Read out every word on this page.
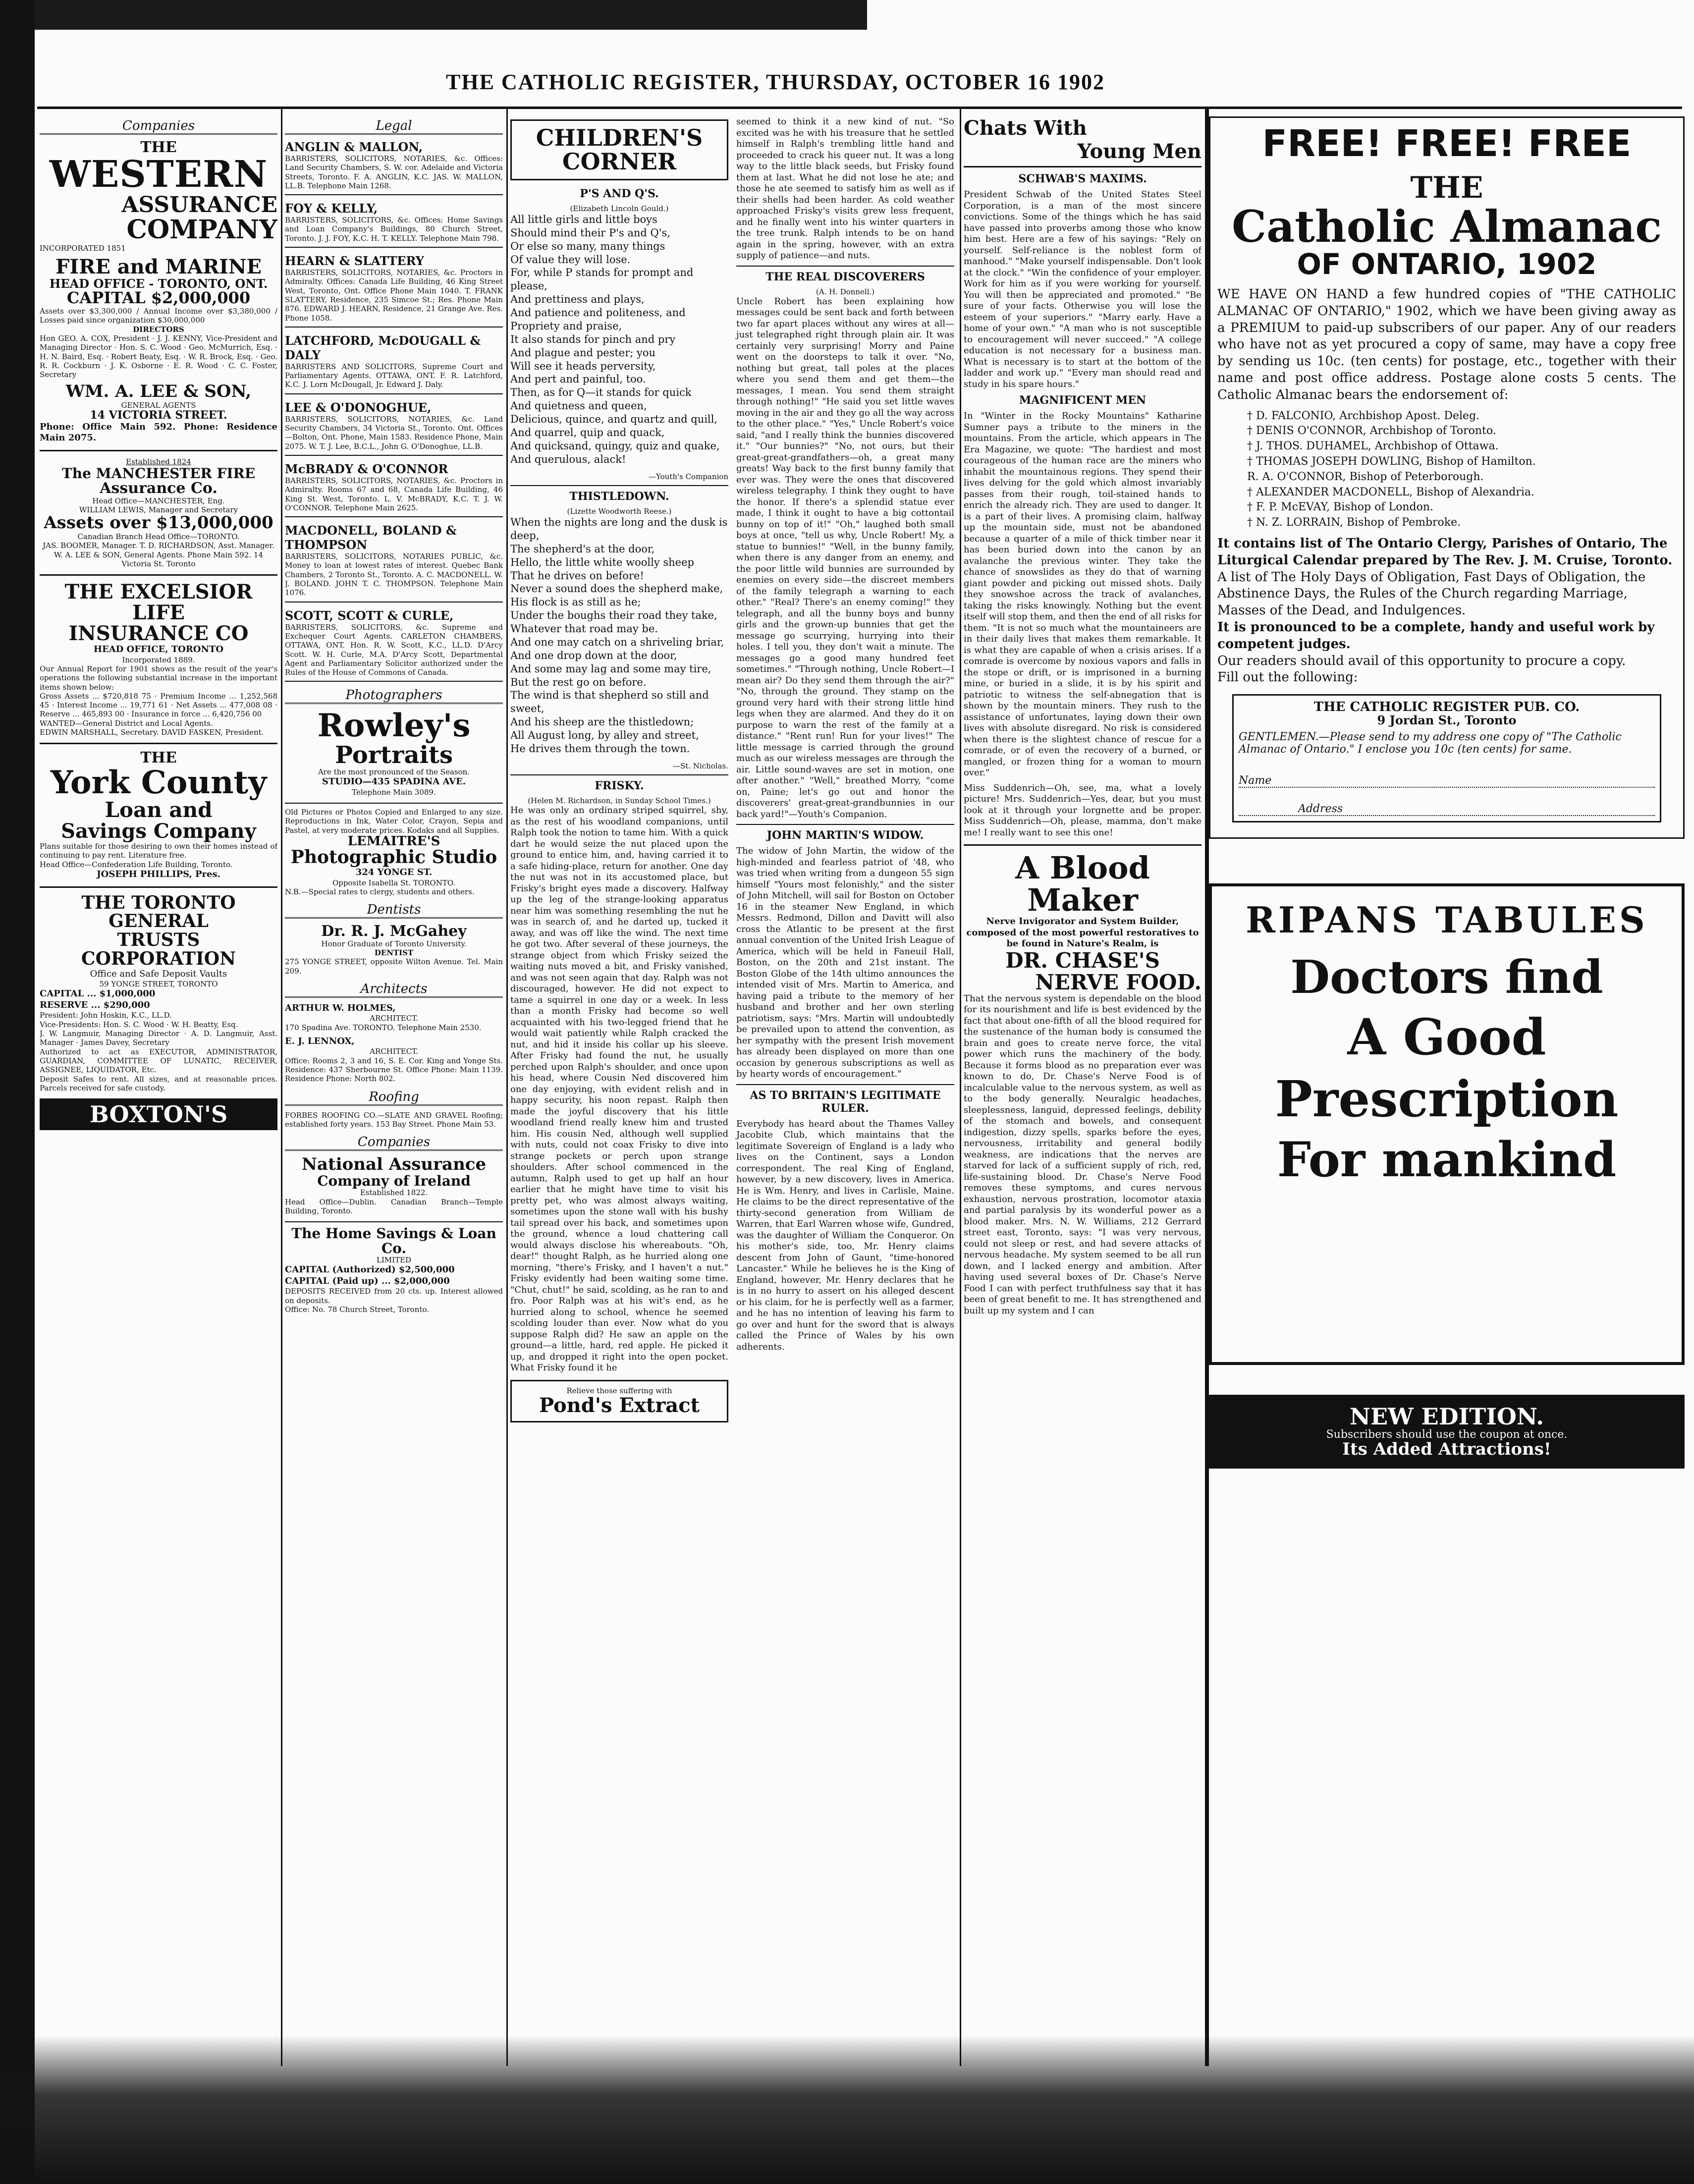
THE CATHOLIC REGISTER, THURSDAY, OCTOBER 16 1902
Companies
THE
WESTERN
ASSURANCE
COMPANY
INCORPORATED 1851
FIRE and MARINE
HEAD OFFICE - TORONTO, ONT.
CAPITAL $2,000,000
Assets over $3,300,000 / Annual Income over $3,380,000 / Losses paid since organization $30,000,000
DIRECTORS
Hon GEO. A. COX, President · J. J. KENNY, Vice-President and Managing Director · Hon. S. C. Wood · Geo. McMurrich, Esq. · H. N. Baird, Esq. · Robert Beaty, Esq. · W. R. Brock, Esq. · Geo. R. R. Cockburn · J. K. Osborne · E. R. Wood · C. C. Foster, Secretary
WM. A. LEE & SON,
GENERAL AGENTS
14 VICTORIA STREET.
Phone: Office Main 592. Phone: Residence Main 2075.
Established 1824
The MANCHESTER FIRE
Assurance Co.
Head Office—MANCHESTER, Eng.
WILLIAM LEWIS, Manager and Secretary
Assets over $13,000,000
Canadian Branch Head Office—TORONTO.
JAS. BOOMER, Manager. T. D. RICHARDSON, Asst. Manager.
W. A. LEE & SON, General Agents. Phone Main 592. 14 Victoria St. Toronto
THE EXCELSIOR LIFE
INSURANCE CO
HEAD OFFICE, TORONTO
Incorporated 1889.
Our Annual Report for 1901 shows as the result of the year's operations the following substantial increase in the important items shown below:
Gross Assets ... $720,818 75 · Premium Income ... 1,252,568 45 · Interest Income ... 19,771 61 · Net Assets ... 477,008 08 · Reserve ... 465,893 00 · Insurance in force ... 6,420,756 00
WANTED—General District and Local Agents.
EDWIN MARSHALL, Secretary. DAVID FASKEN, President.
THE
York County
Loan and
Savings Company
Plans suitable for those desiring to own their homes instead of continuing to pay rent. Literature free.
Head Office—Confederation Life Building, Toronto.
JOSEPH PHILLIPS, Pres.
THE TORONTO GENERAL
TRUSTS CORPORATION
Office and Safe Deposit Vaults
59 YONGE STREET, TORONTO
CAPITAL ... $1,000,000
RESERVE ... $290,000
President: John Hoskin, K.C., LL.D.
Vice-Presidents: Hon. S. C. Wood · W. H. Beatty, Esq.
J. W. Langmuir, Managing Director · A. D. Langmuir, Asst. Manager · James Davey, Secretary
Authorized to act as EXECUTOR, ADMINISTRATOR, GUARDIAN, COMMITTEE OF LUNATIC, RECEIVER, ASSIGNEE, LIQUIDATOR, Etc.
Deposit Safes to rent. All sizes, and at reasonable prices. Parcels received for safe custody.
BOXTON'S
Legal
ANGLIN & MALLON,
BARRISTERS, SOLICITORS, NOTARIES, &c. Offices: Land Security Chambers, S. W. cor. Adelaide and Victoria Streets, Toronto. F. A. ANGLIN, K.C. JAS. W. MALLON, LL.B. Telephone Main 1268.
FOY & KELLY,
BARRISTERS, SOLICITORS, &c. Offices: Home Savings and Loan Company's Buildings, 80 Church Street, Toronto. J. J. FOY, K.C. H. T. KELLY. Telephone Main 798.
HEARN & SLATTERY
BARRISTERS, SOLICITORS, NOTARIES, &c. Proctors in Admiralty. Offices: Canada Life Building, 46 King Street West, Toronto, Ont. Office Phone Main 1040. T. FRANK SLATTERY, Residence, 235 Simcoe St.; Res. Phone Main 876. EDWARD J. HEARN, Residence, 21 Grange Ave. Res. Phone 1058.
LATCHFORD, McDOUGALL & DALY
BARRISTERS AND SOLICITORS, Supreme Court and Parliamentary Agents. OTTAWA, ONT. F. R. Latchford, K.C. J. Lorn McDougall, Jr. Edward J. Daly.
LEE & O'DONOGHUE,
BARRISTERS, SOLICITORS, NOTARIES, &c. Land Security Chambers, 34 Victoria St., Toronto. Ont. Offices—Bolton, Ont. Phone, Main 1583. Residence Phone, Main 2075. W. T. J. Lee, B.C.L., John G. O'Donoghue, LL.B.
McBRADY & O'CONNOR
BARRISTERS, SOLICITORS, NOTARIES, &c. Proctors in Admiralty. Rooms 67 and 68, Canada Life Building, 46 King St. West, Toronto. L. V. McBRADY, K.C. T. J. W. O'CONNOR. Telephone Main 2625.
MACDONELL, BOLAND & THOMPSON
BARRISTERS, SOLICITORS, NOTARIES PUBLIC, &c. Money to loan at lowest rates of interest. Quebec Bank Chambers, 2 Toronto St., Toronto. A. C. MACDONELL. W. J. BOLAND. JOHN T. C. THOMPSON. Telephone Main 1076.
SCOTT, SCOTT & CURLE,
BARRISTERS, SOLICITORS, &c. Supreme and Exchequer Court Agents. CARLETON CHAMBERS, OTTAWA, ONT. Hon. R. W. Scott, K.C., LL.D. D'Arcy Scott. W. H. Curle, M.A. D'Arcy Scott, Departmental Agent and Parliamentary Solicitor authorized under the Rules of the House of Commons of Canada.
Photographers
Rowley's
Portraits
Are the most pronounced of the Season.
STUDIO—435 SPADINA AVE.
Telephone Main 3089.
Old Pictures or Photos Copied and Enlarged to any size. Reproductions in Ink, Water Color, Crayon, Sepia and Pastel, at very moderate prices. Kodaks and all Supplies.
LEMAITRE'S
Photographic Studio
324 YONGE ST.
Opposite Isabella St. TORONTO.
N.B.—Special rates to clergy, students and others.
Dentists
Dr. R. J. McGahey
Honor Graduate of Toronto University.
DENTIST
275 YONGE STREET, opposite Wilton Avenue. Tel. Main 209.
Architects
ARTHUR W. HOLMES,
ARCHITECT.
170 Spadina Ave. TORONTO. Telephone Main 2530.
E. J. LENNOX,
ARCHITECT.
Office: Rooms 2, 3 and 16, S. E. Cor. King and Yonge Sts. Residence: 437 Sherbourne St. Office Phone: Main 1139. Residence Phone: North 802.
Roofing
FORBES ROOFING CO.—SLATE AND GRAVEL Roofing; established forty years. 153 Bay Street. Phone Main 53.
Companies
National Assurance
Company of Ireland
Established 1822.
Head Office—Dublin. Canadian Branch—Temple Building, Toronto.
The Home Savings & Loan Co.
LIMITED
CAPITAL (Authorized) $2,500,000
CAPITAL (Paid up) ... $2,000,000
DEPOSITS RECEIVED from 20 cts. up. Interest allowed on deposits.
Office: No. 78 Church Street, Toronto.
CHILDREN'S
CORNER
P'S AND Q'S.
(Elizabeth Lincoln Gould.)
All little girls and little boys
Should mind their P's and Q's,
Or else so many, many things
Of value they will lose.
For, while P stands for prompt and please,
And prettiness and plays,
And patience and politeness, and
Propriety and praise,
It also stands for pinch and pry
And plague and pester; you
Will see it heads perversity,
And pert and painful, too.
Then, as for Q—it stands for quick
And quietness and queen,
Delicious, quince, and quartz and quill,
And quarrel, quip and quack,
And quicksand, quingy, quiz and quake,
And querulous, alack!
—Youth's Companion
THISTLEDOWN.
(Lizette Woodworth Reese.)
When the nights are long and the dusk is deep,
The shepherd's at the door,
Hello, the little white woolly sheep
That he drives on before!
Never a sound does the shepherd make,
His flock is as still as he;
Under the boughs their road they take,
Whatever that road may be.
And one may catch on a shriveling briar,
And one drop down at the door,
And some may lag and some may tire,
But the rest go on before.
The wind is that shepherd so still and sweet,
And his sheep are the thistledown;
All August long, by alley and street,
He drives them through the town.
—St. Nicholas.
FRISKY.
(Helen M. Richardson, in Sunday School Times.)
He was only an ordinary striped squirrel, shy, as the rest of his woodland companions, until Ralph took the notion to tame him. With a quick dart he would seize the nut placed upon the ground to entice him, and, having carried it to a safe hiding-place, return for another. One day the nut was not in its accustomed place, but Frisky's bright eyes made a discovery. Halfway up the leg of the strange-looking apparatus near him was something resembling the nut he was in search of, and he darted up, tucked it away, and was off like the wind. The next time he got two. After several of these journeys, the strange object from which Frisky seized the waiting nuts moved a bit, and Frisky vanished, and was not seen again that day. Ralph was not discouraged, however. He did not expect to tame a squirrel in one day or a week. In less than a month Frisky had become so well acquainted with his two-legged friend that he would wait patiently while Ralph cracked the nut, and hid it inside his collar up his sleeve. After Frisky had found the nut, he usually perched upon Ralph's shoulder, and once upon his head, where Cousin Ned discovered him one day enjoying, with evident relish and in happy security, his noon repast. Ralph then made the joyful discovery that his little woodland friend really knew him and trusted him. His cousin Ned, although well supplied with nuts, could not coax Frisky to dive into strange pockets or perch upon strange shoulders. After school commenced in the autumn, Ralph used to get up half an hour earlier that he might have time to visit his pretty pet, who was almost always waiting, sometimes upon the stone wall with his bushy tail spread over his back, and sometimes upon the ground, whence a loud chattering call would always disclose his whereabouts. "Oh, dear!" thought Ralph, as he hurried along one morning, "there's Frisky, and I haven't a nut." Frisky evidently had been waiting some time. "Chut, chut!" he said, scolding, as he ran to and fro. Poor Ralph was at his wit's end, as he hurried along to school, whence he seemed scolding louder than ever. Now what do you suppose Ralph did? He saw an apple on the ground—a little, hard, red apple. He picked it up, and dropped it right into the open pocket. What Frisky found it he
Relieve those suffering with
Pond's Extract
seemed to think it a new kind of nut. "So excited was he with his treasure that he settled himself in Ralph's trembling little hand and proceeded to crack his queer nut. It was a long way to the little black seeds, but Frisky found them at last. What he did not lose he ate; and those he ate seemed to satisfy him as well as if their shells had been harder. As cold weather approached Frisky's visits grew less frequent, and he finally went into his winter quarters in the tree trunk. Ralph intends to be on hand again in the spring, however, with an extra supply of patience—and nuts.
THE REAL DISCOVERERS
(A. H. Donnell.)
Uncle Robert has been explaining how messages could be sent back and forth between two far apart places without any wires at all—just telegraphed right through plain air. It was certainly very surprising! Morry and Paine went on the doorsteps to talk it over. "No, nothing but great, tall poles at the places where you send them and get them—the messages, I mean. You send them straight through nothing!" "He said you set little waves moving in the air and they go all the way across to the other place." "Yes," Uncle Robert's voice said, "and I really think the bunnies discovered it." "Our bunnies?" "No, not ours, but their great-great-grandfathers—oh, a great many greats! Way back to the first bunny family that ever was. They were the ones that discovered wireless telegraphy. I think they ought to have the honor. If there's a splendid statue ever made, I think it ought to have a big cottontail bunny on top of it!" "Oh," laughed both small boys at once, "tell us why, Uncle Robert! My, a statue to bunnies!" "Well, in the bunny family, when there is any danger from an enemy, and the poor little wild bunnies are surrounded by enemies on every side—the discreet members of the family telegraph a warning to each other." "Real? There's an enemy coming!" they telegraph, and all the bunny boys and bunny girls and the grown-up bunnies that get the message go scurrying, hurrying into their holes. I tell you, they don't wait a minute. The messages go a good many hundred feet sometimes." "Through nothing, Uncle Robert—I mean air? Do they send them through the air?" "No, through the ground. They stamp on the ground very hard with their strong little hind legs when they are alarmed. And they do it on purpose to warn the rest of the family at a distance." "Rent run! Run for your lives!" The little message is carried through the ground much as our wireless messages are through the air. Little sound-waves are set in motion, one after another." "Well," breathed Morry, "come on, Paine; let's go out and honor the discoverers' great-great-grandbunnies in our back yard!"—Youth's Companion.
JOHN MARTIN'S WIDOW.
The widow of John Martin, the widow of the high-minded and fearless patriot of '48, who was tried when writing from a dungeon 55 sign himself "Yours most felonishly," and the sister of John Mitchell, will sail for Boston on October 16 in the steamer New England, in which Messrs. Redmond, Dillon and Davitt will also cross the Atlantic to be present at the first annual convention of the United Irish League of America, which will be held in Faneuil Hall, Boston, on the 20th and 21st instant. The Boston Globe of the 14th ultimo announces the intended visit of Mrs. Martin to America, and having paid a tribute to the memory of her husband and brother and her own sterling patriotism, says: "Mrs. Martin will undoubtedly be prevailed upon to attend the convention, as her sympathy with the present Irish movement has already been displayed on more than one occasion by generous subscriptions as well as by hearty words of encouragement."
AS TO BRITAIN'S LEGITIMATE RULER.
Everybody has heard about the Thames Valley Jacobite Club, which maintains that the legitimate Sovereign of England is a lady who lives on the Continent, says a London correspondent. The real King of England, however, by a new discovery, lives in America. He is Wm. Henry, and lives in Carlisle, Maine. He claims to be the direct representative of the thirty-second generation from William de Warren, that Earl Warren whose wife, Gundred, was the daughter of William the Conqueror. On his mother's side, too, Mr. Henry claims descent from John of Gaunt, "time-honored Lancaster." While he believes he is the King of England, however, Mr. Henry declares that he is in no hurry to assert on his alleged descent or his claim, for he is perfectly well as a farmer, and he has no intention of leaving his farm to go over and hunt for the sword that is always called the Prince of Wales by his own adherents.
Chats With
Young Men
SCHWAB'S MAXIMS.
President Schwab of the United States Steel Corporation, is a man of the most sincere convictions. Some of the things which he has said have passed into proverbs among those who know him best. Here are a few of his sayings: "Rely on yourself. Self-reliance is the noblest form of manhood." "Make yourself indispensable. Don't look at the clock." "Win the confidence of your employer. Work for him as if you were working for yourself. You will then be appreciated and promoted." "Be sure of your facts. Otherwise you will lose the esteem of your superiors." "Marry early. Have a home of your own." "A man who is not susceptible to encouragement will never succeed." "A college education is not necessary for a business man. What is necessary is to start at the bottom of the ladder and work up." "Every man should read and study in his spare hours."
MAGNIFICENT MEN
In "Winter in the Rocky Mountains" Katharine Sumner pays a tribute to the miners in the mountains. From the article, which appears in The Era Magazine, we quote: "The hardiest and most courageous of the human race are the miners who inhabit the mountainous regions. They spend their lives delving for the gold which almost invariably passes from their rough, toil-stained hands to enrich the already rich. They are used to danger. It is a part of their lives. A promising claim, halfway up the mountain side, must not be abandoned because a quarter of a mile of thick timber near it has been buried down into the canon by an avalanche the previous winter. They take the chance of snowslides as they do that of warning giant powder and picking out missed shots. Daily they snowshoe across the track of avalanches, taking the risks knowingly. Nothing but the event itself will stop them, and then the end of all risks for them. "It is not so much what the mountaineers are in their daily lives that makes them remarkable. It is what they are capable of when a crisis arises. If a comrade is overcome by noxious vapors and falls in the stope or drift, or is imprisoned in a burning mine, or buried in a slide, it is by his spirit and patriotic to witness the self-abnegation that is shown by the mountain miners. They rush to the assistance of unfortunates, laying down their own lives with absolute disregard. No risk is considered when there is the slightest chance of rescue for a comrade, or of even the recovery of a burned, or mangled, or frozen thing for a woman to mourn over."
Miss Suddenrich—Oh, see, ma, what a lovely picture! Mrs. Suddenrich—Yes, dear, but you must look at it through your lorgnette and be proper. Miss Suddenrich—Oh, please, mamma, don't make me! I really want to see this one!
A Blood Maker
Nerve Invigorator and System Builder, composed of the most powerful restoratives to be found in Nature's Realm, is
DR. CHASE'S
NERVE FOOD.
That the nervous system is dependable on the blood for its nourishment and life is best evidenced by the fact that about one-fifth of all the blood required for the sustenance of the human body is consumed the brain and goes to create nerve force, the vital power which runs the machinery of the body. Because it forms blood as no preparation ever was known to do, Dr. Chase's Nerve Food is of incalculable value to the nervous system, as well as to the body generally. Neuralgic headaches, sleeplessness, languid, depressed feelings, debility of the stomach and bowels, and consequent indigestion, dizzy spells, sparks before the eyes, nervousness, irritability and general bodily weakness, are indications that the nerves are starved for lack of a sufficient supply of rich, red, life-sustaining blood. Dr. Chase's Nerve Food removes these symptoms, and cures nervous exhaustion, nervous prostration, locomotor ataxia and partial paralysis by its wonderful power as a blood maker. Mrs. N. W. Williams, 212 Gerrard street east, Toronto, says: "I was very nervous, could not sleep or rest, and had severe attacks of nervous headache. My system seemed to be all run down, and I lacked energy and ambition. After having used several boxes of Dr. Chase's Nerve Food I can with perfect truthfulness say that it has been of great benefit to me. It has strengthened and built up my system and I can
FREE! FREE! FREE
THE
Catholic Almanac
OF ONTARIO, 1902
WE HAVE ON HAND a few hundred copies of "THE CATHOLIC ALMANAC OF ONTARIO," 1902, which we have been giving away as a PREMIUM to paid-up subscribers of our paper. Any of our readers who have not as yet procured a copy of same, may have a copy free by sending us 10c. (ten cents) for postage, etc., together with their name and post office address. Postage alone costs 5 cents. The Catholic Almanac bears the endorsement of:
† D. FALCONIO, Archbishop Apost. Deleg.
† DENIS O'CONNOR, Archbishop of Toronto.
† J. THOS. DUHAMEL, Archbishop of Ottawa.
† THOMAS JOSEPH DOWLING, Bishop of Hamilton.
R. A. O'CONNOR, Bishop of Peterborough.
† ALEXANDER MACDONELL, Bishop of Alexandria.
† F. P. McEVAY, Bishop of London.
† N. Z. LORRAIN, Bishop of Pembroke.
It contains list of The Ontario Clergy, Parishes of Ontario, The Liturgical Calendar prepared by The Rev. J. M. Cruise, Toronto.
A list of The Holy Days of Obligation, Fast Days of Obligation, the Abstinence Days, the Rules of the Church regarding Marriage, Masses of the Dead, and Indulgences.
It is pronounced to be a complete, handy and useful work by competent judges.
Our readers should avail of this opportunity to procure a copy.
Fill out the following:
THE CATHOLIC REGISTER PUB. CO.
9 Jordan St., Toronto
GENTLEMEN.—Please send to my address one copy of "The Catholic Almanac of Ontario." I enclose you 10c (ten cents) for same.
Name
Address
RIPANS TABULES
Doctors find
A Good
Prescription
For mankind
NEW EDITION.
Subscribers should use the coupon at once.
Its Added Attractions!
